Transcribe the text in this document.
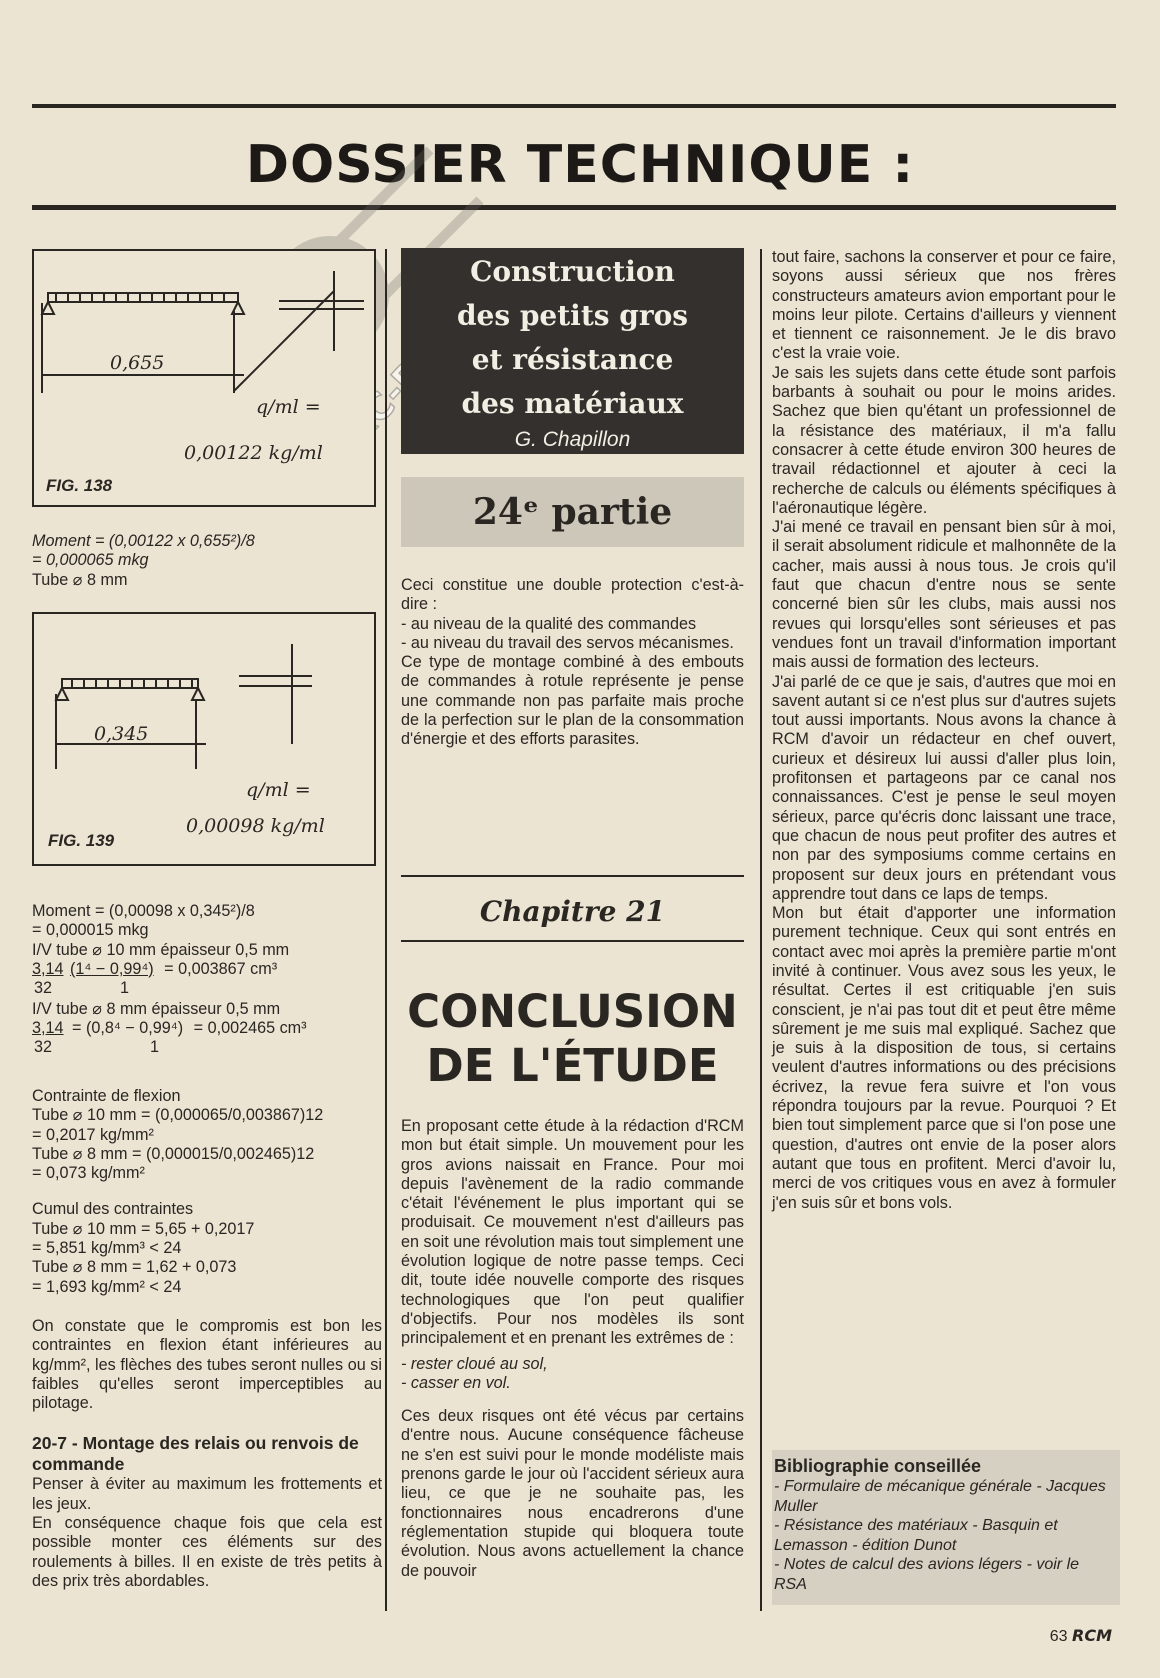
DOSSIER TECHNIQUE :
0,655
q/ml =
0,00122 kg/ml
FIG. 138
Moment = (0,00122 x 0,655²)/8
= 0,000065 mkg
Tube ⌀ 8 mm
0,345
q/ml =
0,00098 kg/ml
FIG. 139
Moment = (0,00098 x 0,345²)/8
= 0,000015 mkg
I/V tube ⌀ 10 mm épaisseur 0,5 mm
3,14 (1⁴ − 0,99⁴) = 0,003867 cm³
32	1
I/V tube ⌀ 8 mm épaisseur 0,5 mm
3,14 = (0,8⁴ − 0,99⁴) = 0,002465 cm³
32	1
Contrainte de flexion
Tube ⌀ 10 mm = (0,000065/0,003867)12
= 0,2017 kg/mm²
Tube ⌀ 8 mm = (0,000015/0,002465)12
= 0,073 kg/mm²
Cumul des contraintes
Tube ⌀ 10 mm = 5,65 + 0,2017
= 5,851 kg/mm³ < 24
Tube ⌀ 8 mm = 1,62 + 0,073
= 1,693 kg/mm² < 24

On constate que le compromis est bon les contraintes en flexion étant inférieures au kg/mm², les flèches des tubes seront nulles ou si faibles qu'elles seront imperceptibles au pilotage.

20-7 - Montage des relais ou renvois de commande

Penser à éviter au maximum les frottements et les jeux.

En conséquence chaque fois que cela est possible monter ces éléments sur des roulements à billes. Il en existe de très petits à des prix très abordables.

Construction
des petits gros
et résistance
des matériaux
G. Chapillon
24ᵉ partie

Ceci constitue une double protection c'est-à-dire :

- au niveau de la qualité des commandes

- au niveau du travail des servos mécanismes.

Ce type de montage combiné à des embouts de commandes à rotule représente je pense une commande non pas parfaite mais proche de la perfection sur le plan de la consommation d'énergie et des efforts parasites.

Chapitre 21
CONCLUSION
DE L'ÉTUDE

En proposant cette étude à la rédaction d'RCM mon but était simple. Un mouvement pour les gros avions naissait en France. Pour moi depuis l'avènement de la radio commande c'était l'événement le plus important qui se produisait. Ce mouvement n'est d'ailleurs pas en soit une révolution mais tout simplement une évolution logique de notre passe temps. Ceci dit, toute idée nouvelle comporte des risques technologiques que l'on peut qualifier d'objectifs. Pour nos modèles ils sont principalement et en prenant les extrêmes de :

- rester cloué au sol,

- casser en vol.

Ces deux risques ont été vécus par certains d'entre nous. Aucune conséquence fâcheuse ne s'en est suivi pour le monde modéliste mais prenons garde le jour où l'accident sérieux aura lieu, ce que je ne souhaite pas, les fonctionnaires nous encadrerons d'une réglementation stupide qui bloquera toute évolution. Nous avons actuellement la chance de pouvoir

tout faire, sachons la conserver et pour ce faire, soyons aussi sérieux que nos frères constructeurs amateurs avion emportant pour le moins leur pilote. Certains d'ailleurs y viennent et tiennent ce raisonnement. Je le dis bravo c'est la vraie voie.

Je sais les sujets dans cette étude sont parfois barbants à souhait ou pour le moins arides. Sachez que bien qu'étant un professionnel de la résistance des matériaux, il m'a fallu consacrer à cette étude environ 300 heures de travail rédactionnel et ajouter à ceci la recherche de calculs ou éléments spécifiques à l'aéronautique légère.

J'ai mené ce travail en pensant bien sûr à moi, il serait absolument ridicule et malhonnête de la cacher, mais aussi à nous tous. Je crois qu'il faut que chacun d'entre nous se sente concerné bien sûr les clubs, mais aussi nos revues qui lorsqu'elles sont sérieuses et pas vendues font un travail d'information important mais aussi de formation des lecteurs.

J'ai parlé de ce que je sais, d'autres que moi en savent autant si ce n'est plus sur d'autres sujets tout aussi importants. Nous avons la chance à RCM d'avoir un rédacteur en chef ouvert, curieux et désireux lui aussi d'aller plus loin, profitonsen et partageons par ce canal nos connaissances. C'est je pense le seul moyen sérieux, parce qu'écris donc laissant une trace, que chacun de nous peut profiter des autres et non par des symposiums comme certains en proposent sur deux jours en prétendant vous apprendre tout dans ce laps de temps.

Mon but était d'apporter une information purement technique. Ceux qui sont entrés en contact avec moi après la première partie m'ont invité à continuer. Vous avez sous les yeux, le résultat. Certes il est critiquable j'en suis conscient, je n'ai pas tout dit et peut être même sûrement je me suis mal expliqué. Sachez que je suis à la disposition de tous, si certains veulent d'autres informations ou des précisions écrivez, la revue fera suivre et l'on vous répondra toujours par la revue. Pourquoi ? Et bien tout simplement parce que si l'on pose une question, d'autres ont envie de la poser alors autant que tous en profitent. Merci d'avoir lu, merci de vos critiques vous en avez à formuler j'en suis sûr et bons vols.

Bibliographie conseillée
- Formulaire de mécanique générale - Jacques Muller
- Résistance des matériaux - Basquin et Lemasson - édition Dunot
- Notes de calcul des avions légers - voir le RSA
63 RCM
